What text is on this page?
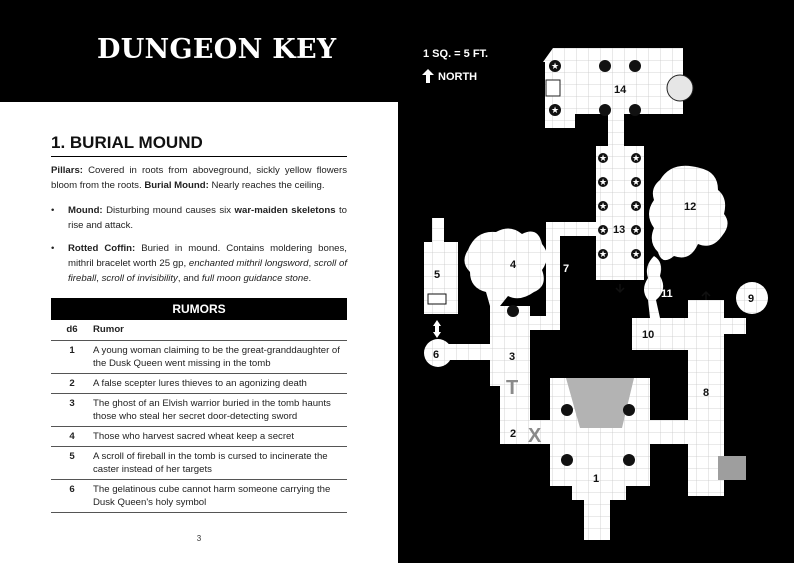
DUNGEON KEY
1. BURIAL MOUND

Pillars: Covered in roots from aboveground, sickly yellow flowers bloom from the roots. Burial Mound: Nearly reaches the ceiling.

• Mound: Disturbing mound causes six war-maiden skeletons to rise and attack.
• Rotted Coffin: Buried in mound. Contains moldering bones, mithril bracelet worth 25 gp, enchanted mithril longsword, scroll of fireball, scroll of invisibility, and full moon guidance stone.
RUMORS
d6	Rumor
1	A young woman claiming to be the great-granddaughter of the Dusk Queen went missing in the tomb
2	A false scepter lures thieves to an agonizing death
3	The ghost of an Elvish warrior buried in the tomb haunts those who steal her secret door-detecting sword
4	Those who harvest sacred wheat keep a secret
5	A scroll of fireball in the tomb is cursed to incinerate the caster instead of her targets
6	The gelatinous cube cannot harm someone carrying the Dusk Queen's holy symbol
3
1 SQ. = 5 FT.
NORTH
★
★
★	★
★	★
★	★
★	★
★	★
14
13
12
4
5	7
11
10
9
6	3
8
2
1
T
X
